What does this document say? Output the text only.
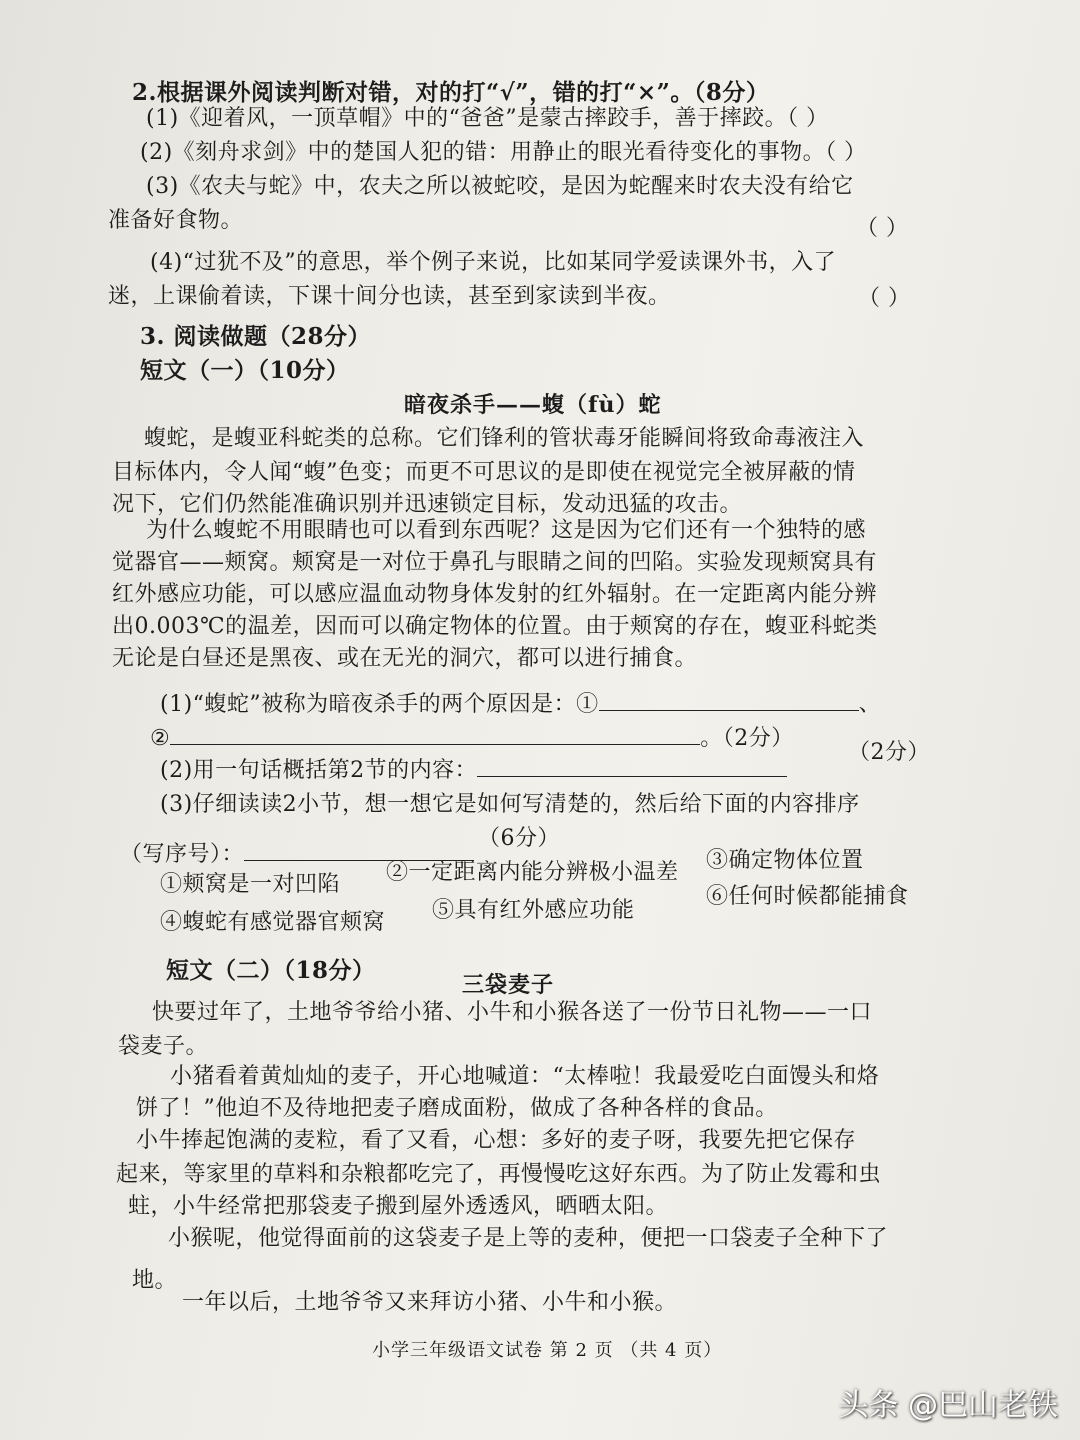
2.根据课外阅读判断对错，对的打“√”，错的打“×”。（8分）
(1)《迎着风，一顶草帽》中的“爸爸”是蒙古摔跤手，善于摔跤。（ ）
(2)《刻舟求剑》中的楚国人犯的错：用静止的眼光看待变化的事物。（ ）
(3)《农夫与蛇》中，农夫之所以被蛇咬，是因为蛇醒来时农夫没有给它
准备好食物。	（ ）
(4)“过犹不及”的意思，举个例子来说，比如某同学爱读课外书，入了
迷，上课偷着读，下课十间分也读，甚至到家读到半夜。	（ ）
3. 阅读做题（28分）
短文（一）（10分）
暗夜杀手——蝮（fù）蛇
蝮蛇，是蝮亚科蛇类的总称。它们锋利的管状毒牙能瞬间将致命毒液注入
目标体内，令人闻“蝮”色变；而更不可思议的是即使在视觉完全被屏蔽的情
况下，它们仍然能准确识别并迅速锁定目标，发动迅猛的攻击。
为什么蝮蛇不用眼睛也可以看到东西呢？这是因为它们还有一个独特的感
觉器官——颊窝。颊窝是一对位于鼻孔与眼睛之间的凹陷。实验发现颊窝具有
红外感应功能，可以感应温血动物身体发射的红外辐射。在一定距离内能分辨
出0.003℃的温差，因而可以确定物体的位置。由于颊窝的存在，蝮亚科蛇类
无论是白昼还是黑夜、或在无光的洞穴，都可以进行捕食。
(1)“蝮蛇”被称为暗夜杀手的两个原因是：①	、
②	。（2分）
(2)用一句话概括第2节的内容：
（2分）
(3)仔细读读2小节，想一想它是如何写清楚的，然后给下面的内容排序
（写序号）：
（6分）
①颊窝是一对凹陷 ②一定距离内能分辨极小温差 ③确定物体位置
④蝮蛇有感觉器官颊窝 ⑤具有红外感应功能
⑥任何时候都能捕食
短文（二）（18分）
三袋麦子
快要过年了，土地爷爷给小猪、小牛和小猴各送了一份节日礼物——一口
袋麦子。
小猪看着黄灿灿的麦子，开心地喊道：“太棒啦！我最爱吃白面馒头和烙
饼了！”他迫不及待地把麦子磨成面粉，做成了各种各样的食品。
小牛捧起饱满的麦粒，看了又看，心想：多好的麦子呀，我要先把它保存
起来，等家里的草料和杂粮都吃完了，再慢慢吃这好东西。为了防止发霉和虫
蛀，小牛经常把那袋麦子搬到屋外透透风，晒晒太阳。
小猴呢，他觉得面前的这袋麦子是上等的麦种，便把一口袋麦子全种下了
地。
一年以后，土地爷爷又来拜访小猪、小牛和小猴。
小学三年级语文试卷 第 2 页 （共 4 页）
头条 @巴山老铁
